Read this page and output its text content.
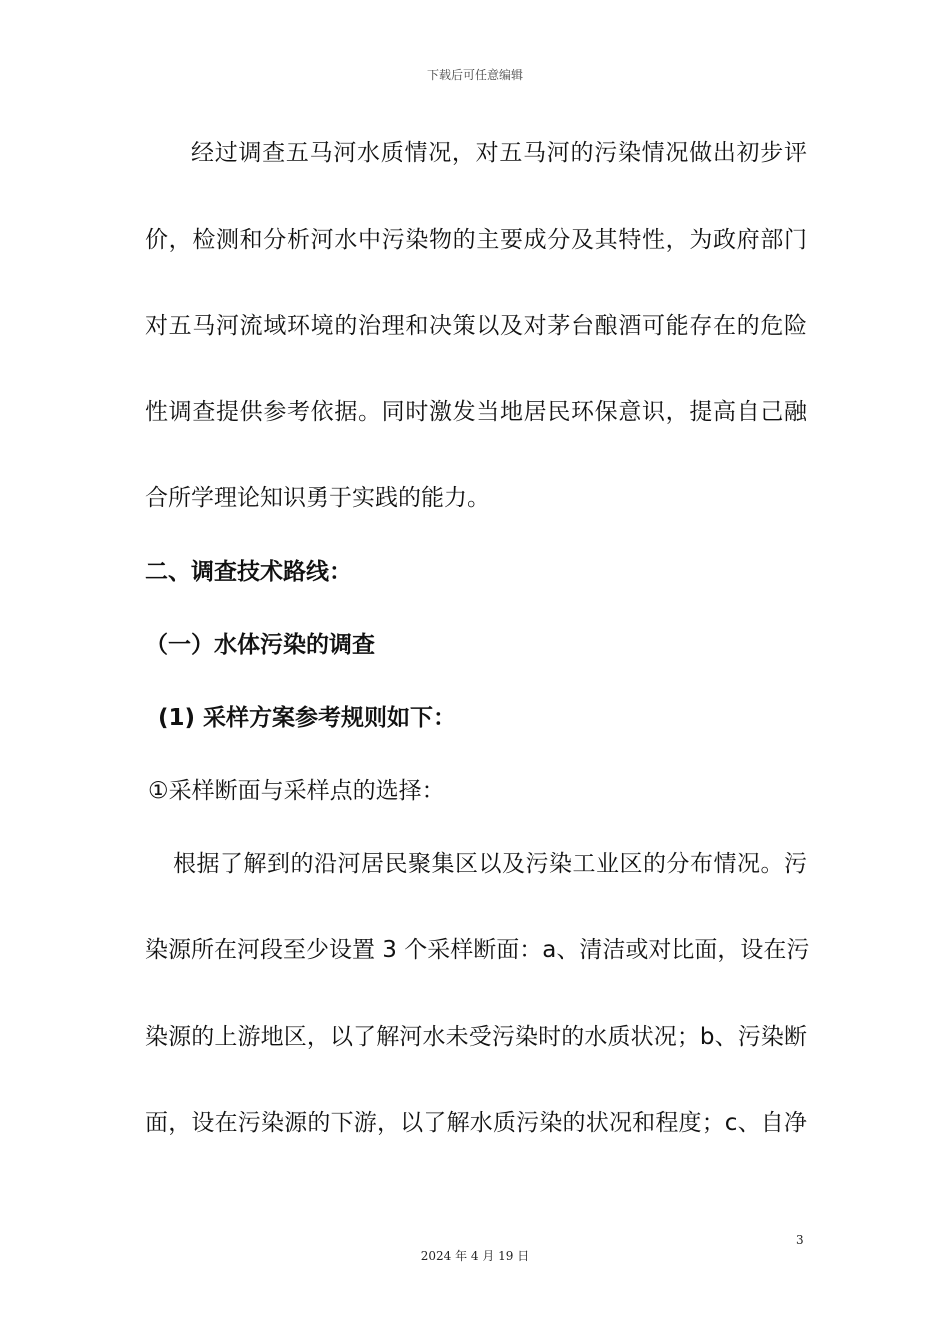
下载后可任意编辑
经过调查五马河水质情况，对五马河的污染情况做出初步评
价，检测和分析河水中污染物的主要成分及其特性，为政府部门
对五马河流域环境的治理和决策以及对茅台酿酒可能存在的危险
性调查提供参考依据。同时激发当地居民环保意识，提高自己融
合所学理论知识勇于实践的能力。
二、调查技术路线：
（一）水体污染的调查
(1) 采样方案参考规则如下：
①采样断面与采样点的选择：
根据了解到的沿河居民聚集区以及污染工业区的分布情况。污
染源所在河段至少设置 3 个采样断面：a、清洁或对比面，设在污
染源的上游地区，以了解河水未受污染时的水质状况；b、污染断
面，设在污染源的下游，以了解水质污染的状况和程度；c、自净
3
2024 年 4 月 19 日
